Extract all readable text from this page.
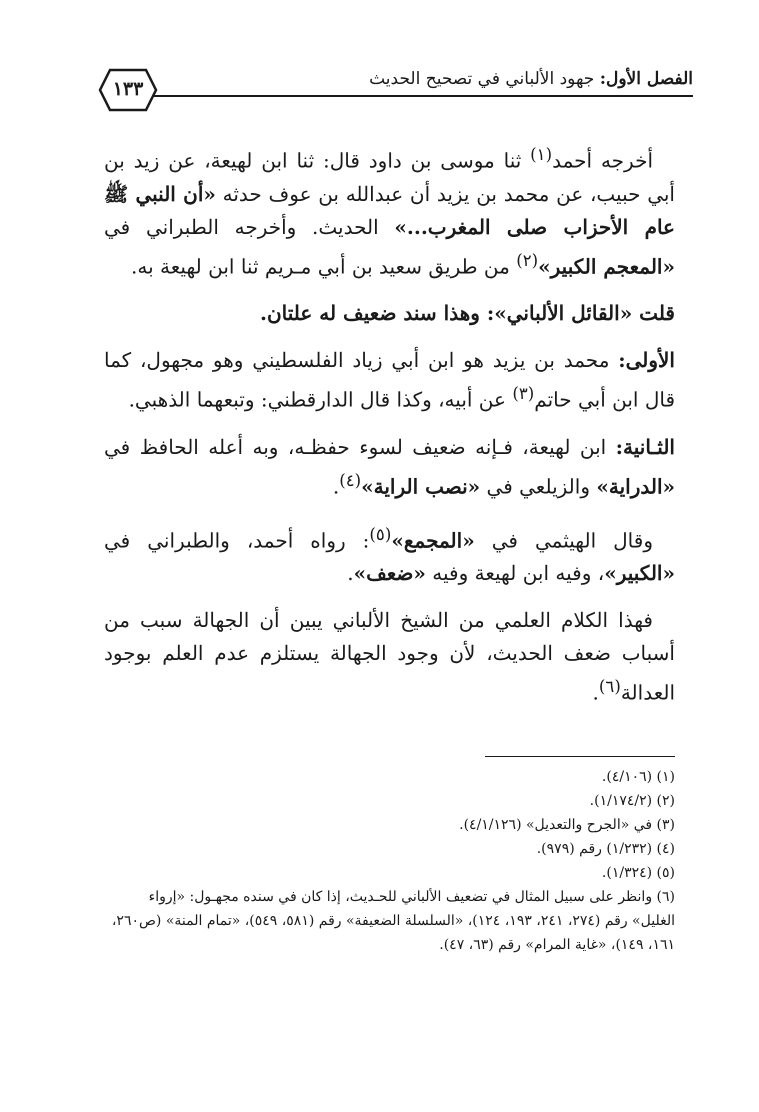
الفصل الأول:

جهود الألباني في تصحيح الحديث
١٣٣

أخرجه أحمد$^{(١)}$ ثنا موسى بن داود قال: ثنا ابن لهيعة، عن زيد بن أبي حبيب، عن محمد بن يزيد أن عبدالله بن عوف حدثه «أن النبي ﷺ عام الأحزاب صلى المغرب...» الحديث. وأخرجه الطبراني في «المعجم الكبير»$^{(٢)}$ من طريق سعيد بن أبي مـريم ثنا ابن لهيعة به.

قلت «القائل الألباني»: وهذا سند ضعيف له علتان.

الأولى: محمد بن يزيد هو ابن أبي زياد الفلسطيني وهو مجهول، كما قال ابن أبي حاتم$^{(٣)}$ عن أبيه، وكذا قال الدارقطني: وتبعهما الذهبي.

الثـانية: ابن لهيعة، فـإنه ضعيف لسوء حفظـه، وبه أعله الحافظ في «الدراية» والزيلعي في «نصب الراية»$^{(٤)}$.

وقال الهيثمي في «المجمع»$^{(٥)}$: رواه أحمد، والطبراني في «الكبير»، وفيه ابن لهيعة وفيه «ضعف».

فهذا الكلام العلمي من الشيخ الألباني يبين أن الجهالة سبب من أسباب ضعف الحديث، لأن وجود الجهالة يستلزم عدم العلم بوجود العدالة$^{(٦)}$.

(١) (٤/١٠٦).

(٢) (١/١٧٤/٢).

(٣) في «الجرح والتعديل» (٤/١/١٢٦).

(٤) (١/٢٣٢) رقم (٩٧٩).

(٥) (١/٣٢٤).

(٦) وانظر على سبيل المثال في تضعيف الألباني للحـديث، إذا كان في سنده مجهـول: «إرواء الغليل» رقم (٢٧٤، ٢٤١، ١٩٣، ١٢٤)، «السلسلة الضعيفة» رقم (٥٨١، ٥٤٩)، «تمام المنة» (ص٢٦٠، ١٦١، ١٤٩)، «غاية المرام» رقم (٦٣، ٤٧).
